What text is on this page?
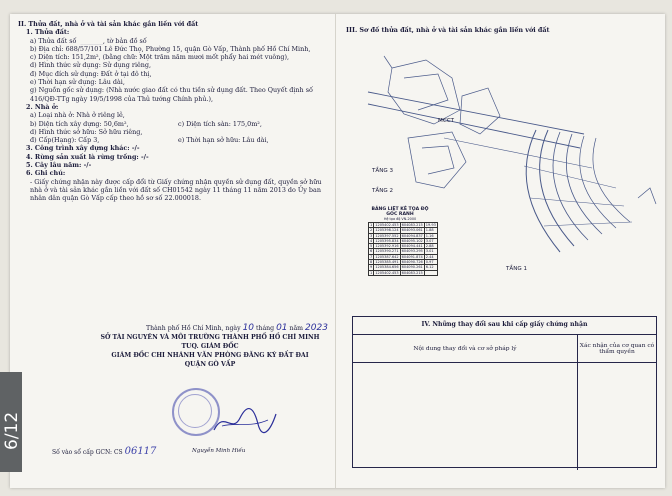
II. Thửa đất, nhà ở và tài sản khác gắn liền với đất
1. Thửa đất:
a) Thửa đất số _______, tờ bản đồ số
b) Địa chỉ: 688/57/101 Lê Đức Thọ, Phường 15, quận Gò Vấp, Thành phố Hồ Chí Minh,
c) Diện tích: 151,2m², (bằng chữ: Một trăm năm mươi mốt phẩy hai mét vuông),
d) Hình thức sử dụng: Sử dụng riêng,
đ) Mục đích sử dụng: Đất ở tại đô thị,
e) Thời hạn sử dụng: Lâu dài,
g) Nguồn gốc sử dụng: (Nhà nước giao đất có thu tiền sử dụng đất. Theo Quyết định số
416/QĐ-TTg ngày 19/5/1998 của Thủ tướng Chính phủ.),
2. Nhà ở:
a) Loại nhà ở: Nhà ở riêng lẻ,
b) Diện tích xây dựng: 50,6m²,	c) Diện tích sàn: 175,0m²,
d) Hình thức sở hữu: Sở hữu riêng,
đ) Cấp(Hạng): Cấp 3,	e) Thời hạn sở hữu: Lâu dài,
3. Công trình xây dựng khác: -/-
4. Rừng sản xuất là rừng trồng: -/-
5. Cây lâu năm: -/-
6. Ghi chú:
- Giấy chứng nhận này được cấp đổi từ Giấy chứng nhận quyền sử dụng đất, quyền sở hữu nhà ở và tài sản khác gắn liền với đất số CH01542 ngày 11 tháng 11 năm 2013 do Ủy ban nhân dân quận Gò Vấp cấp theo hồ sơ số 22.000018.
Thành phố Hồ Chí Minh, ngày 10 tháng 01 năm 2023
SỞ TÀI NGUYÊN VÀ MÔI TRƯỜNG THÀNH PHỐ HỒ CHÍ MINH
TUQ. GIÁM ĐỐC
GIÁM ĐỐC CHI NHÁNH VĂN PHÒNG ĐĂNG KÝ ĐẤT ĐAI
QUẬN GÒ VẤP
Nguyễn Minh Hiếu
Số vào sổ cấp GCN: CS 06117
6/12
III. Sơ đồ thửa đất, nhà ở và tài sản khác gắn liền với đất
TẦNG 2
TẦNG 3
MCCT
TẦNG 1
BẢNG LIỆT KÊ TỌA ĐỘ GÓC RANH
Hệ tọa độ VN-2000
1	1205402.453	604083.215	19.93
2	1205398.124	604093.061	1.88
3	1205397.552	604094.837	1.16
4	1205395.834	604095.102	3.07
5	1205392.916	604094.441	2.88
6	1205390.271	604093.295	3.01
7	1205387.642	604091.874	2.44
8	1205385.491	604090.726	0.97
9	1205384.656	604090.261	6.12
1	1205402.453	604083.215	
IV. Những thay đổi sau khi cấp giấy chứng nhận
Nội dung thay đổi và cơ sở pháp lý	Xác nhận của cơ quan có thẩm quyền
